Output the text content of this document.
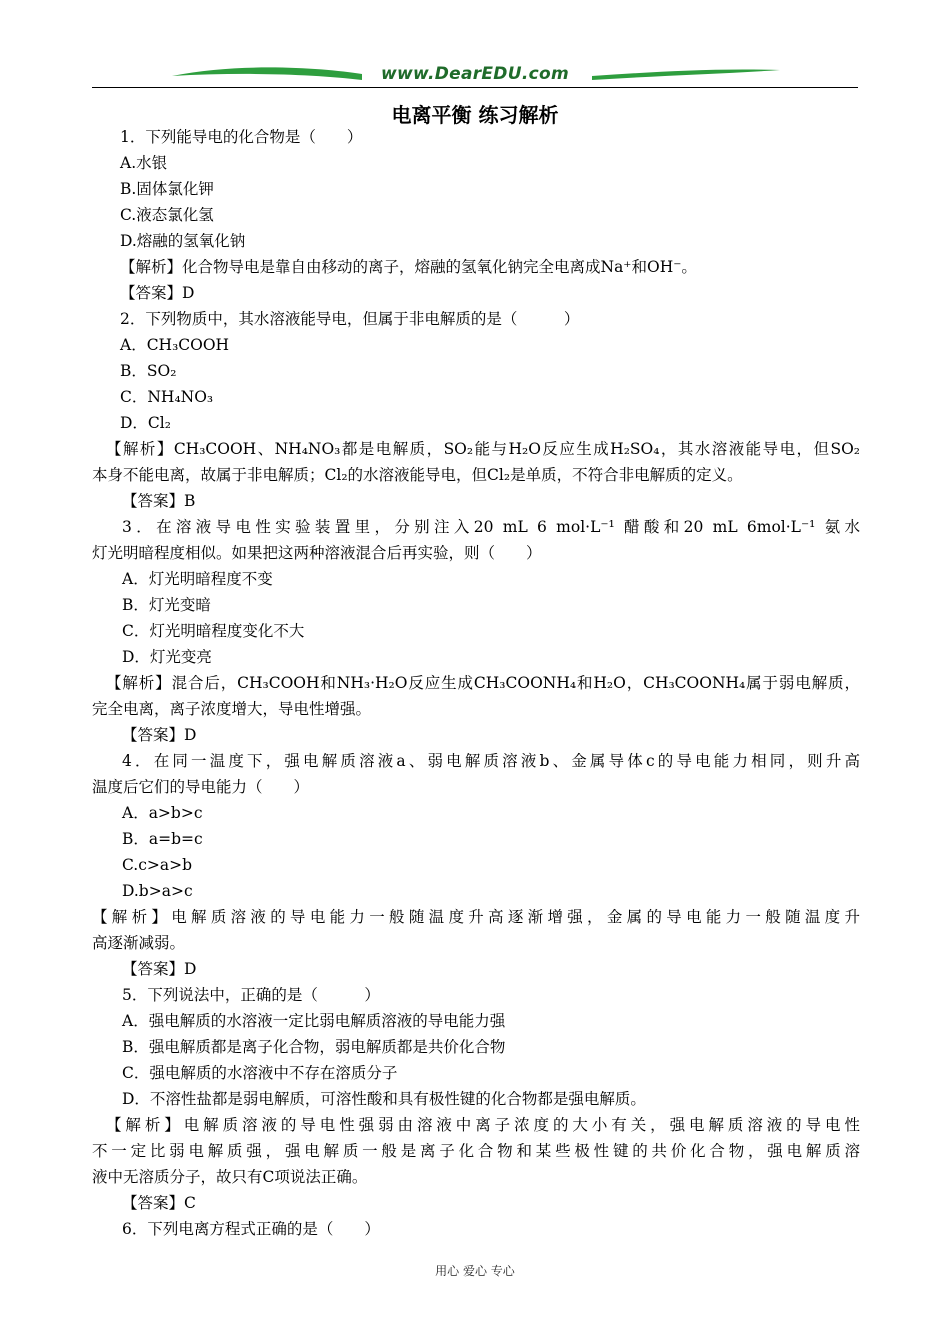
www.DearEDU.com
电离平衡 练习解析
1．下列能导电的化合物是（　　）
A.水银
B.固体氯化钾
C.液态氯化氢
D.熔融的氢氧化钠
【解析】化合物导电是靠自由移动的离子，熔融的氢氧化钠完全电离成Na⁺和OH⁻。
【答案】D
2．下列物质中，其水溶液能导电，但属于非电解质的是（　　　）
A．CH₃COOH
B．SO₂
C．NH₄NO₃
D．Cl₂
【解析】CH₃COOH、NH₄NO₃都是电解质，SO₂能与H₂O反应生成H₂SO₄，其水溶液能导电，但SO₂
本身不能电离，故属于非电解质；Cl₂的水溶液能导电，但Cl₂是单质，不符合非电解质的定义。
【答案】B
3．在溶液导电性实验装置里，分别注入20 mL 6 mol·L⁻¹ 醋酸和20 mL 6mol·L⁻¹ 氨水
灯光明暗程度相似。如果把这两种溶液混合后再实验，则（　　）
A．灯光明暗程度不变
B．灯光变暗
C．灯光明暗程度变化不大
D．灯光变亮
【解析】混合后，CH₃COOH和NH₃·H₂O反应生成CH₃COONH₄和H₂O，CH₃COONH₄属于弱电解质，
完全电离，离子浓度增大，导电性增强。
【答案】D
4．在同一温度下，强电解质溶液a、弱电解质溶液b、金属导体c的导电能力相同，则升高
温度后它们的导电能力（　　）
A．a>b>c
B．a=b=c
C.c>a>b
D.b>a>c
【解析】电解质溶液的导电能力一般随温度升高逐渐增强，金属的导电能力一般随温度升
高逐渐减弱。
【答案】D
5．下列说法中，正确的是（　　　）
A．强电解质的水溶液一定比弱电解质溶液的导电能力强
B．强电解质都是离子化合物，弱电解质都是共价化合物
C．强电解质的水溶液中不存在溶质分子
D．不溶性盐都是弱电解质，可溶性酸和具有极性键的化合物都是强电解质。
【解析】电解质溶液的导电性强弱由溶液中离子浓度的大小有关，强电解质溶液的导电性
不一定比弱电解质强，强电解质一般是离子化合物和某些极性键的共价化合物，强电解质溶
液中无溶质分子，故只有C项说法正确。
【答案】C
6．下列电离方程式正确的是（　　）
用心 爱心 专心
